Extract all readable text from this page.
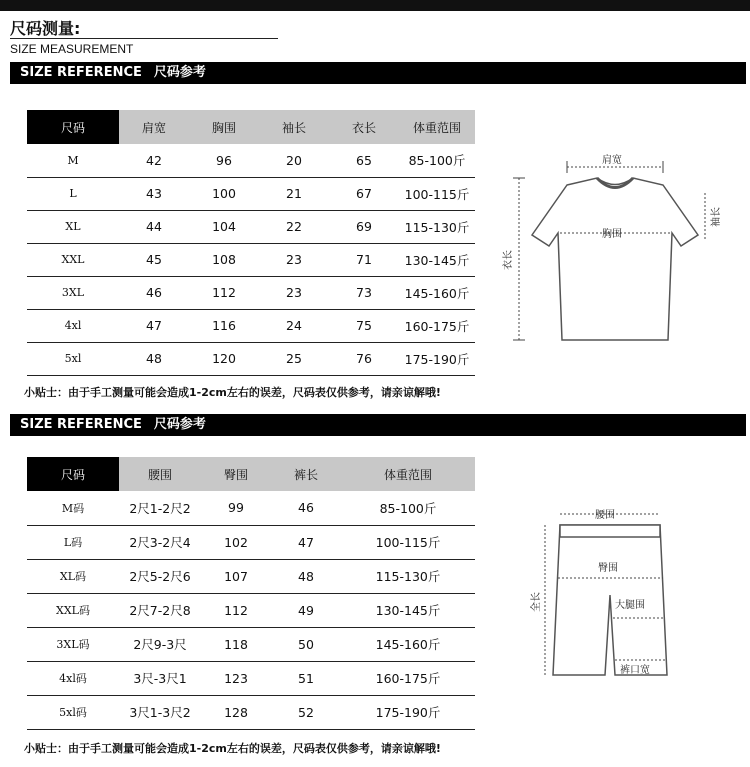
尺码测量:
SIZE MEASUREMENT
SIZE REFERENCE 尺码参考
尺码	肩宽	胸围	袖长	衣长	体重范围
M	42	96	20	65	85-100斤
L	43	100	21	67	100-115斤
XL	44	104	22	69	115-130斤
XXL	45	108	23	71	130-145斤
3XL	46	112	23	73	145-160斤
4xl	47	116	24	75	160-175斤
5xl	48	120	25	76	175-190斤
小贴士：由于手工测量可能会造成1-2cm左右的误差，尺码表仅供参考，请亲谅解哦!
肩宽
胸围
衣长
袖长
SIZE REFERENCE 尺码参考
尺码	腰围	臀围	裤长	体重范围
M码	2尺1-2尺2	99	46	85-100斤
L码	2尺3-2尺4	102	47	100-115斤
XL码	2尺5-2尺6	107	48	115-130斤
XXL码	2尺7-2尺8	112	49	130-145斤
3XL码	2尺9-3尺	118	50	145-160斤
4xl码	3尺-3尺1	123	51	160-175斤
5xl码	3尺1-3尺2	128	52	175-190斤
小贴士：由于手工测量可能会造成1-2cm左右的误差，尺码表仅供参考，请亲谅解哦!
腰围
臀围
全长	大腿围
裤口宽
